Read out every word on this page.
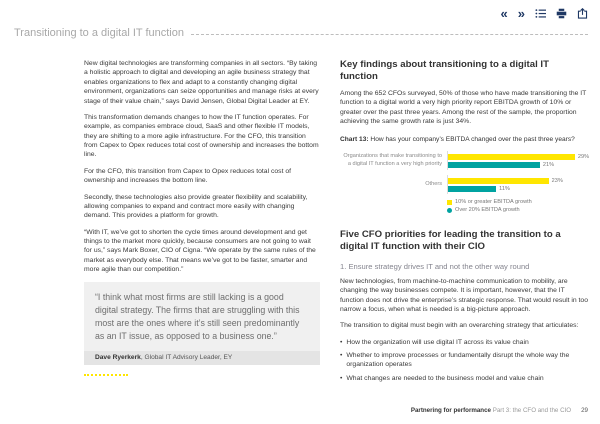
« »
Transitioning to a digital IT function

New digital technologies are transforming companies in all sectors. “By taking a holistic approach to digital and developing an agile business strategy that enables organizations to flex and adapt to a constantly changing digital environment, organizations can seize opportunities and manage risks at every stage of their value chain,” says David Jensen, Global Digital Leader at EY.

This transformation demands changes to how the IT function operates. For example, as companies embrace cloud, SaaS and other flexible IT models, they are shifting to a more agile infrastructure. For the CFO, this transition from Capex to Opex reduces total cost of ownership and increases the bottom line.

For the CFO, this transition from Capex to Opex reduces total cost of ownership and increases the bottom line.

Secondly, these technologies also provide greater flexibility and scalability, allowing companies to expand and contract more easily with changing demand. This provides a platform for growth.

“With IT, we’ve got to shorten the cycle times around development and get things to the market more quickly, because consumers are not going to wait for us,” says Mark Boxer, CIO of Cigna. “We operate by the same rules of the market as everybody else. That means we’ve got to be faster, smarter and more agile than our competition.”

“I think what most firms are still lacking is a good digital strategy. The firms that are struggling with this most are the ones where it’s still seen predominantly as an IT issue, as opposed to a business one.”
Dave Ryerkerk, Global IT Advisory Leader, EY
Key findings about transitioning to a digital IT function

Among the 652 CFOs surveyed, 50% of those who have made transitioning the IT function to a digital world a very high priority report EBITDA growth of 10% or greater over the past three years. Among the rest of the sample, the proportion achieving the same growth rate is just 34%.

Chart 13: How has your company’s EBITDA changed over the past three years?
Organizations that make transitioning to a digital IT function a very high priority
29%
21%
Others
23%
11%
10% or greater EBITDA growth
Over 20% EBITDA growth
Five CFO priorities for leading the transition to a digital IT function with their CIO
1. Ensure strategy drives IT and not the other way round

New technologies, from machine-to-machine communication to mobility, are changing the way businesses compete. It is important, however, that the IT function does not drive the enterprise’s strategic response. That would result in too narrow a focus, when what is needed is a big-picture approach.

The transition to digital must begin with an overarching strategy that articulates:

• How the organization will use digital IT across its value chain
• Whether to improve processes or fundamentally disrupt the whole way the organization operates
• What changes are needed to the business model and value chain
Partnering for performance Part 3: the CFO and the CIO 29
